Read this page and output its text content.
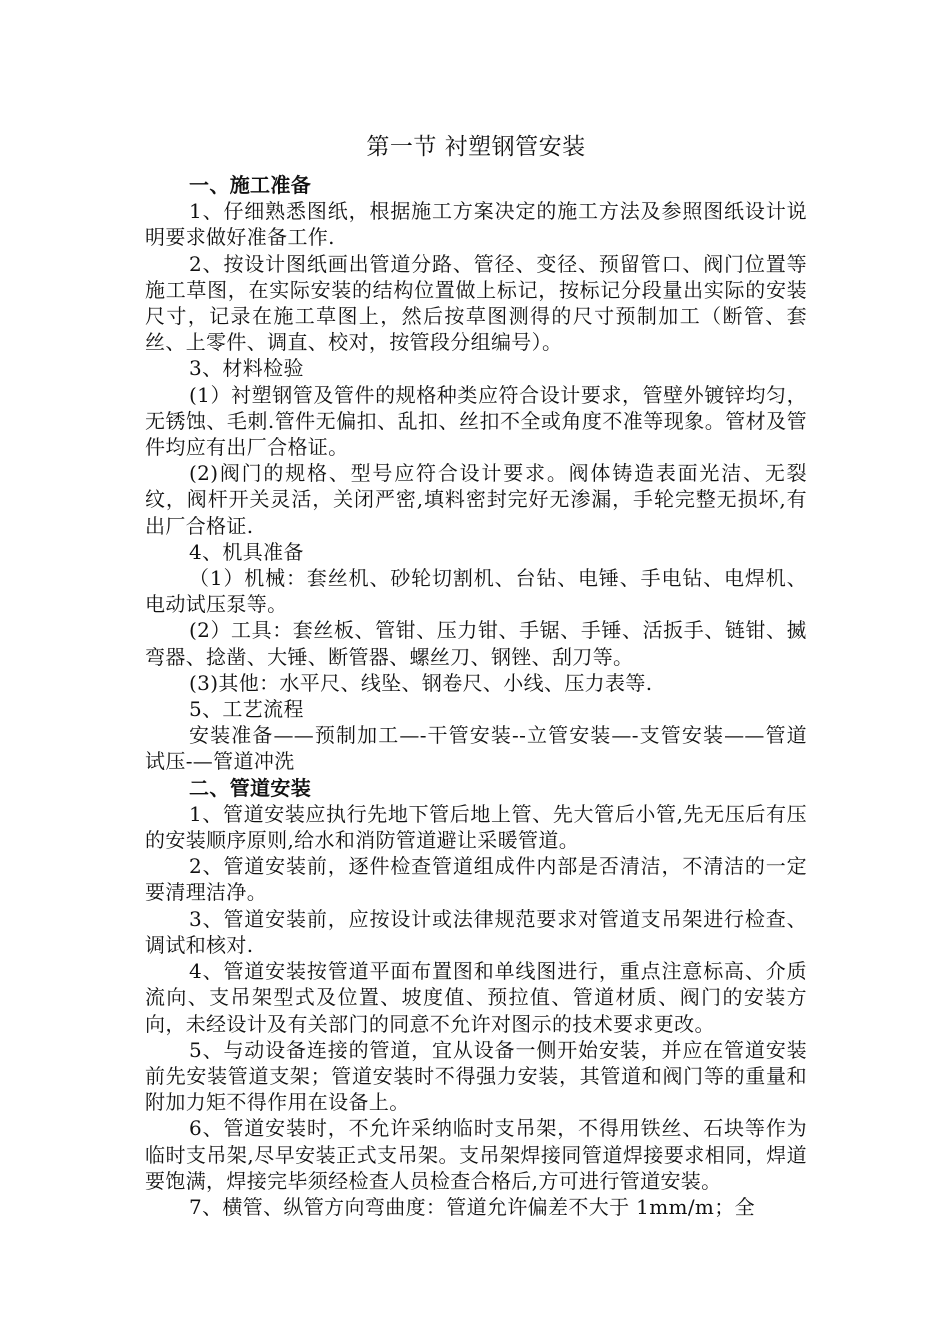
第一节 衬塑钢管安装

一、施工准备

1、仔细熟悉图纸，根据施工方案决定的施工方法及参照图纸设计说明要求做好准备工作.

2、按设计图纸画出管道分路、管径、变径、预留管口、阀门位置等施工草图，在实际安装的结构位置做上标记，按标记分段量出实际的安装尺寸，记录在施工草图上，然后按草图测得的尺寸预制加工（断管、套丝、上零件、调直、校对，按管段分组编号）。

3、材料检验

(1）衬塑钢管及管件的规格种类应符合设计要求，管壁外镀锌均匀，无锈蚀、毛刺.管件无偏扣、乱扣、丝扣不全或角度不准等现象。管材及管件均应有出厂合格证。

(2)阀门的规格、型号应符合设计要求。阀体铸造表面光洁、无裂纹，阀杆开关灵活，关闭严密,填料密封完好无渗漏，手轮完整无损坏,有出厂合格证.

4、机具准备

（1）机械：套丝机、砂轮切割机、台钻、电锤、手电钻、电焊机、电动试压泵等。

(2）工具：套丝板、管钳、压力钳、手锯、手锤、活扳手、链钳、揻弯器、捻凿、大锤、断管器、螺丝刀、钢锉、刮刀等。

(3)其他：水平尺、线坠、钢卷尺、小线、压力表等.

5、工艺流程

安装准备——预制加工—-干管安装--立管安装—-支管安装——管道试压-—管道冲洗

二、管道安装

1、管道安装应执行先地下管后地上管、先大管后小管,先无压后有压的安装顺序原则,给水和消防管道避让采暖管道。

2、管道安装前，逐件检查管道组成件内部是否清洁，不清洁的一定要清理洁净。

3、管道安装前，应按设计或法律规范要求对管道支吊架进行检查、调试和核对.

4、管道安装按管道平面布置图和单线图进行，重点注意标高、介质流向、支吊架型式及位置、坡度值、预拉值、管道材质、阀门的安装方向，未经设计及有关部门的同意不允许对图示的技术要求更改。

5、与动设备连接的管道，宜从设备一侧开始安装，并应在管道安装前先安装管道支架；管道安装时不得强力安装，其管道和阀门等的重量和附加力矩不得作用在设备上。

6、管道安装时，不允许采纳临时支吊架，不得用铁丝、石块等作为临时支吊架,尽早安装正式支吊架。支吊架焊接同管道焊接要求相同，焊道要饱满，焊接完毕须经检查人员检查合格后,方可进行管道安装。

7、横管、纵管方向弯曲度：管道允许偏差不大于 1mm/m；全
